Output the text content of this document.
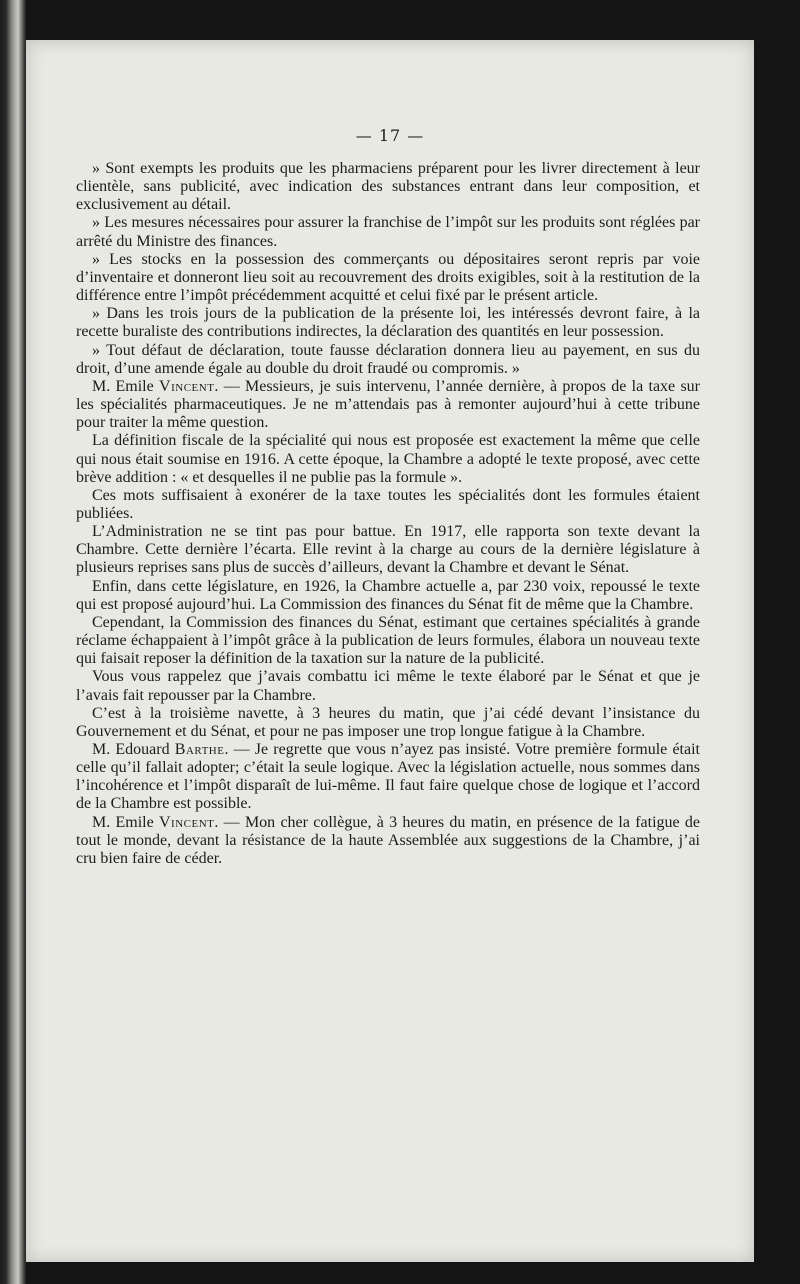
— 17 —

» Sont exempts les produits que les pharmaciens préparent pour les livrer directement à leur clientèle, sans publicité, avec indication des substances entrant dans leur composition, et exclusivement au détail.

» Les mesures nécessaires pour assurer la franchise de l’impôt sur les produits sont réglées par arrêté du Ministre des finances.

» Les stocks en la possession des commerçants ou dépositaires seront repris par voie d’inventaire et donneront lieu soit au recouvrement des droits exigibles, soit à la restitution de la différence entre l’impôt précédemment acquitté et celui fixé par le présent article.

» Dans les trois jours de la publication de la présente loi, les intéressés devront faire, à la recette buraliste des contributions indirectes, la déclaration des quantités en leur possession.

» Tout défaut de déclaration, toute fausse déclaration donnera lieu au payement, en sus du droit, d’une amende égale au double du droit fraudé ou compromis. »

M. Emile Vincent. — Messieurs, je suis intervenu, l’année dernière, à propos de la taxe sur les spécialités pharmaceutiques. Je ne m’attendais pas à remonter aujourd’hui à cette tribune pour traiter la même question.

La définition fiscale de la spécialité qui nous est proposée est exactement la même que celle qui nous était soumise en 1916. A cette époque, la Chambre a adopté le texte proposé, avec cette brève addition : « et desquelles il ne publie pas la formule ».

Ces mots suffisaient à exonérer de la taxe toutes les spécialités dont les formules étaient publiées.

L’Administration ne se tint pas pour battue. En 1917, elle rapporta son texte devant la Chambre. Cette dernière l’écarta. Elle revint à la charge au cours de la dernière législature à plusieurs reprises sans plus de succès d’ailleurs, devant la Chambre et devant le Sénat.

Enfin, dans cette législature, en 1926, la Chambre actuelle a, par 230 voix, repoussé le texte qui est proposé aujourd’hui. La Commission des finances du Sénat fit de même que la Chambre.

Cependant, la Commission des finances du Sénat, estimant que certaines spécialités à grande réclame échappaient à l’impôt grâce à la publication de leurs formules, élabora un nouveau texte qui faisait reposer la définition de la taxation sur la nature de la publicité.

Vous vous rappelez que j’avais combattu ici même le texte élaboré par le Sénat et que je l’avais fait repousser par la Chambre.

C’est à la troisième navette, à 3 heures du matin, que j’ai cédé devant l’insistance du Gouvernement et du Sénat, et pour ne pas imposer une trop longue fatigue à la Chambre.

M. Edouard Barthe. — Je regrette que vous n’ayez pas insisté. Votre première formule était celle qu’il fallait adopter; c’était la seule logique. Avec la législation actuelle, nous sommes dans l’incohérence et l’impôt disparaît de lui-même. Il faut faire quelque chose de logique et l’accord de la Chambre est possible.

M. Emile Vincent. — Mon cher collègue, à 3 heures du matin, en présence de la fatigue de tout le monde, devant la résistance de la haute Assemblée aux suggestions de la Chambre, j’ai cru bien faire de céder.
